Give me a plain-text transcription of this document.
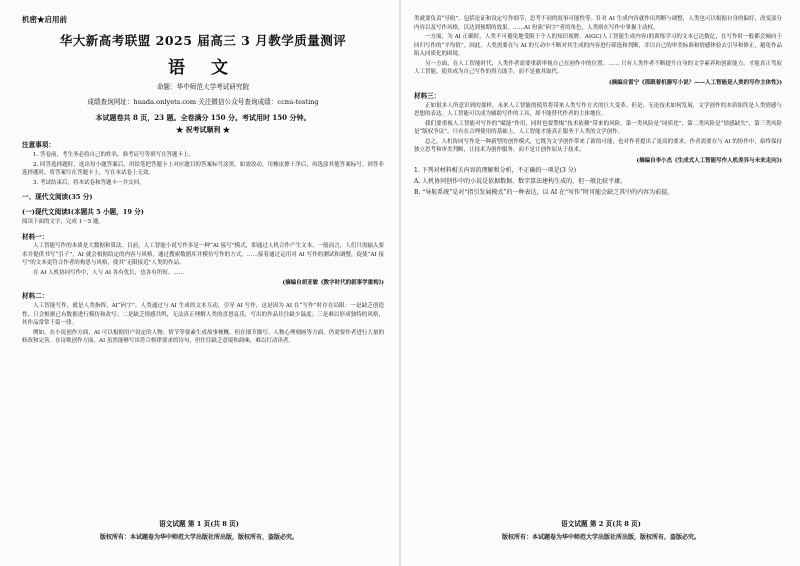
机密★启用前
华大新高考联盟 2025 届高三 3 月教学质量测评
语 文
命题：华中师范大学考试研究院
成绩查询网址：huada.onlyets.com 关注微信公众号查询成绩：ccnu-testing
本试题卷共 8 页，23 题。全卷满分 150 分。考试用时 150 分钟。
★ 祝考试顺利 ★
注意事项：
1. 答卷前，考生务必将自己的姓名、准考证号等填写在答题卡上。
2. 回答选择题时，选出每小题答案后，用铅笔把答题卡上对应题目的答案标号涂黑。如需改动，用橡皮擦干净后，再选涂其他答案标号。回答非选择题时，将答案写在答题卡上，写在本试卷上无效。
3. 考试结束后，将本试卷和答题卡一并交回。
一、现代文阅读(35 分)
(一)现代文阅读Ⅰ(本题共 5 小题，19 分)
阅读下面的文字，完成 1～5 题。
材料一：
人工智能写作的本质是大数据和算法。目前，人工智能小说写作多是一种“AI 接写”模式，即通过人机合作产生文本。一般而言，人们只需输入要求并提供书写“引子”，AI 就会根据给定的内容与风格，通过搜索数据库并模仿写作的方式，……接着通过运用对 AI 写作的测试和调整，促使“AI 接写”的文本更符合作者的构思与风格，使其“无限接近”人类的作品。
在 AI 人机协同写作中，人与 AI 各有优长，也各有所短。……
(摘编自胡亚敏《数字时代的叙事学重构》)
材料二：
人工智能写作，就是人类指挥，AI“码字”。人类通过与 AI 生成的文本互动，引导 AI 写作，这是因为 AI 在“写作”时存在局限：一是缺乏创造性，只会根据已有数据进行模仿和改写；二是缺乏情感共鸣，无法真正理解人类的喜怒哀乐，写出的作品往往缺少温度；三是难以形成独特的风格，其作品常常千篇一律。
例如，在小说创作方面，AI 可以根据用户设定的人物、情节等要素生成故事梗概，但在细节描写、人物心理刻画等方面，仍需要作者进行大量的修改和完善。在诗歌创作方面，AI 虽然能够写出符合格律要求的诗句，但往往缺乏意境和韵味，难以打动读者。
语文试题 第 1 页(共 8 页)
版权所有：本试题卷为华中师范大学出版社所出版，版权所有，盗版必究。
类就要负责“导航”。包括论证和设定写作细节，思考不同的叙事可能性等。针对 AI 生成内容就作出判断与调整，人类也可以根据自身的偏好，改变部分内容以及写作风格，以达到预期的效果。……AI 扮演“码字”者的角色，人类则在写作中掌握主动权。
一方面，为 AI 正确时，人类不可避免地受限于个人的知识视野。AIGC(人工智能生成内容)的训练学习的文本已达数亿，在写作时一般都会倾向于回归写作的“平均值”。因此，人类需要在与 AI 的互动中不断对其生成的内容进行筛选和判断，并以自己的审美标准和情感体验去引导和修正，避免作品陷入同质化的困境。
另一方面，在人工智能时代，人类作者需要重新审视自己在创作中的位置。…… 只有人类作者不断提升自身的文学素养和创新能力，才能真正驾驭人工智能，使其成为自己写作的得力助手，而不是被其取代。
(摘编自雷宁《那跟着机器写小说？——人工智能是人类的写作主体性》)
材料三：
正如很多人所意识到的那样，未来人工智能的使用将带来人类写作方式的巨大变革。但是，无论技术如何发展，文学创作的本质始终是人类情感与思想的表达。人工智能可以成为辅助写作的工具，却不能替代作者的主体地位。
我们要重视人工智能对写作的“赋能”作用，同时也要警惕“技术依赖”带来的风险。第一类风险是“同质化”，第二类风险是“情感缺失”，第三类风险是“版权争议”。只有在合理使用的基础上，人工智能才能真正服务于人类的文学创作。
总之，人机协同写作是一种新型的创作模式，它既为文学创作带来了新的可能，也对作者提出了更高的要求。作者需要在与 AI 的协作中，始终保持独立思考和审美判断，让技术为创作服务，而不是让创作屈从于技术。
(摘编自李小杰《生成式人工智能写作人机差异与未来走向》)
1. 下列对材料相关内容的理解和分析，不正确的一项是(3 分)
A. 人机协同创作中的小说是依据数据、数字算法建构生成的，但一般比较平庸。
B. “导航系统”是对“指引发展模式”的一种表达，以 AI 在“写作”时可能会缺乏其中的内容为前提。
语文试题 第 2 页(共 8 页)
版权所有：本试题卷为华中师范大学出版社所出版，版权所有，盗版必究。
